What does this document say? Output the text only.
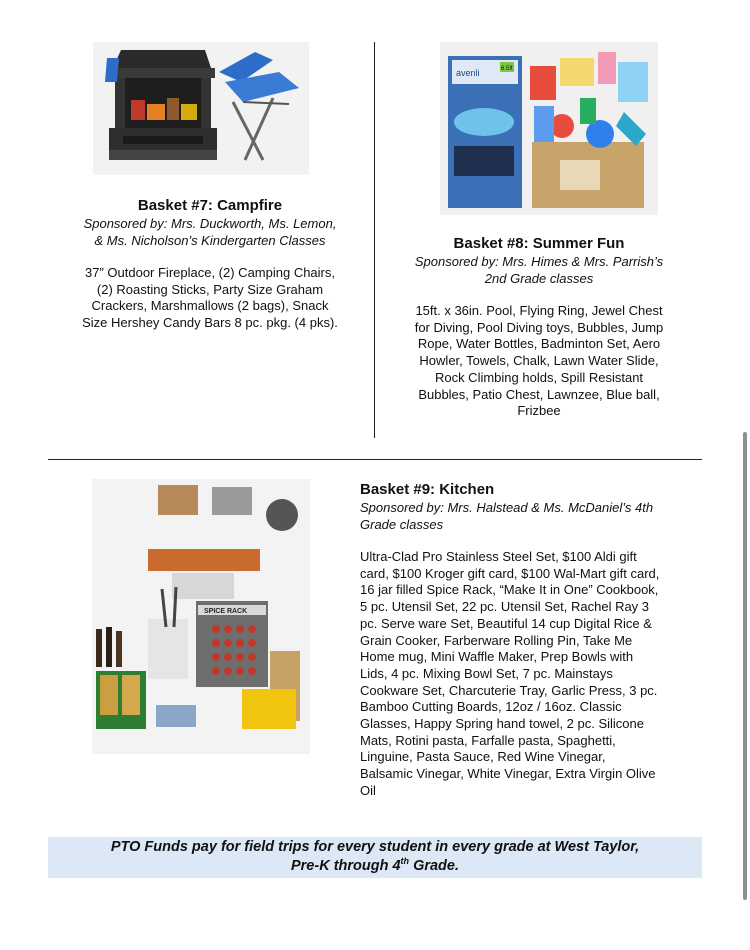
Basket #7: Campfire
Sponsored by: Mrs. Duckworth, Ms. Lemon,
& Ms. Nicholson’s Kindergarten Classes
37” Outdoor Fireplace, (2) Camping Chairs,
(2) Roasting Sticks, Party Size Graham
Crackers, Marshmallows (2 bags), Snack
Size Hershey Candy Bars 8 pc. pkg. (4 pks).
avenli	6.5ft
Basket #8: Summer Fun
Sponsored by: Mrs. Himes & Mrs. Parrish’s
2nd Grade classes
15ft. x 36in. Pool, Flying Ring, Jewel Chest
for Diving, Pool Diving toys, Bubbles, Jump
Rope, Water Bottles, Badminton Set, Aero
Howler, Towels, Chalk, Lawn Water Slide,
Rock Climbing holds, Spill Resistant
Bubbles, Patio Chest, Lawnzee, Blue ball,
Frizbee
SPICE RACK
Basket #9: Kitchen
Sponsored by: Mrs. Halstead & Ms. McDaniel’s 4th
Grade classes
Ultra-Clad Pro Stainless Steel Set, $100 Aldi gift
card, $100 Kroger gift card, $100 Wal-Mart gift card,
16 jar filled Spice Rack, “Make It in One” Cookbook,
5 pc. Utensil Set, 22 pc. Utensil Set, Rachel Ray 3
pc. Serve ware Set, Beautiful 14 cup Digital Rice &
Grain Cooker, Farberware Rolling Pin, Take Me
Home mug, Mini Waffle Maker, Prep Bowls with
Lids, 4 pc. Mixing Bowl Set, 7 pc. Mainstays
Cookware Set, Charcuterie Tray, Garlic Press, 3 pc.
Bamboo Cutting Boards, 12oz / 16oz. Classic
Glasses, Happy Spring hand towel, 2 pc. Silicone
Mats, Rotini pasta, Farfalle pasta, Spaghetti,
Linguine, Pasta Sauce, Red Wine Vinegar,
Balsamic Vinegar, White Vinegar, Extra Virgin Olive
Oil
PTO Funds pay for field trips for every student in every grade at West Taylor,
Pre-K through 4th Grade.
